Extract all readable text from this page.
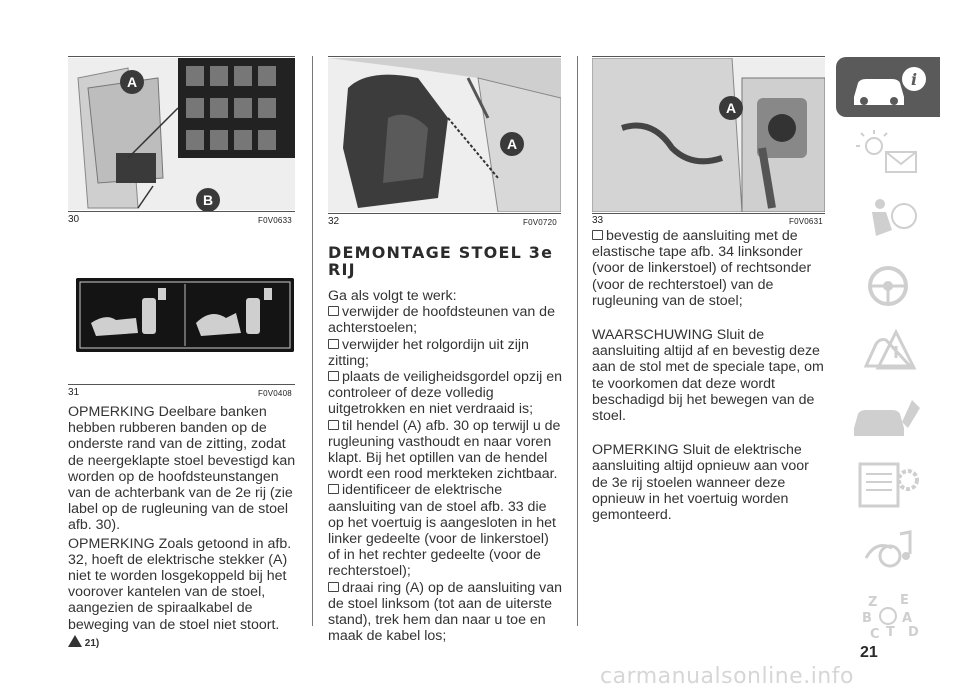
A
B
30	F0V0633
31	F0V0408

OPMERKING Deelbare banken hebben rubberen banden op de onderste rand van de zitting, zodat de neergeklapte stoel bevestigd kan worden op de hoofdsteunstangen van de achterbank van de 2e rij (zie label op de rugleuning van de stoel afb. 30).

OPMERKING Zoals getoond in afb. 32, hoeft de elektrische stekker (A) niet te worden losgekoppeld bij het voorover kantelen van de stoel, aangezien de spiraalkabel de beweging van de stoel niet stoort.

21)
A
32	F0V0720
DEMONTAGE STOEL 3e RIJ

Ga als volgt te werk:

verwijder de hoofdsteunen van de achterstoelen;

verwijder het rolgordijn uit zijn zitting;

plaats de veiligheidsgordel opzij en controleer of deze volledig uitgetrokken en niet verdraaid is;

til hendel (A) afb. 30 op terwijl u de rugleuning vasthoudt en naar voren klapt. Bij het optillen van de hendel wordt een rood merkteken zichtbaar.

identificeer de elektrische aansluiting van de stoel afb. 33 die op het voertuig is aangesloten in het linker gedeelte (voor de linkerstoel) of in het rechter gedeelte (voor de rechterstoel);

draai ring (A) op de aansluiting van de stoel linksom (tot aan de uiterste stand), trek hem dan naar u toe en maak de kabel los;

A
33	F0V0631

bevestig de aansluiting met de elastische tape afb. 34 linksonder (voor de linkerstoel) of rechtsonder (voor de rechterstoel) van de rugleuning van de stoel;

WAARSCHUWING Sluit de aansluiting altijd af en bevestig deze aan de stol met de speciale tape, om te voorkomen dat deze wordt beschadigd bij het bewegen van de stoel.

OPMERKING Sluit de elektrische aansluiting altijd opnieuw aan voor de 3e rij stoelen wanneer deze opnieuw in het voertuig worden gemonteerd.

i
Z E
B A
C T D
21
carmanualsonline.info
